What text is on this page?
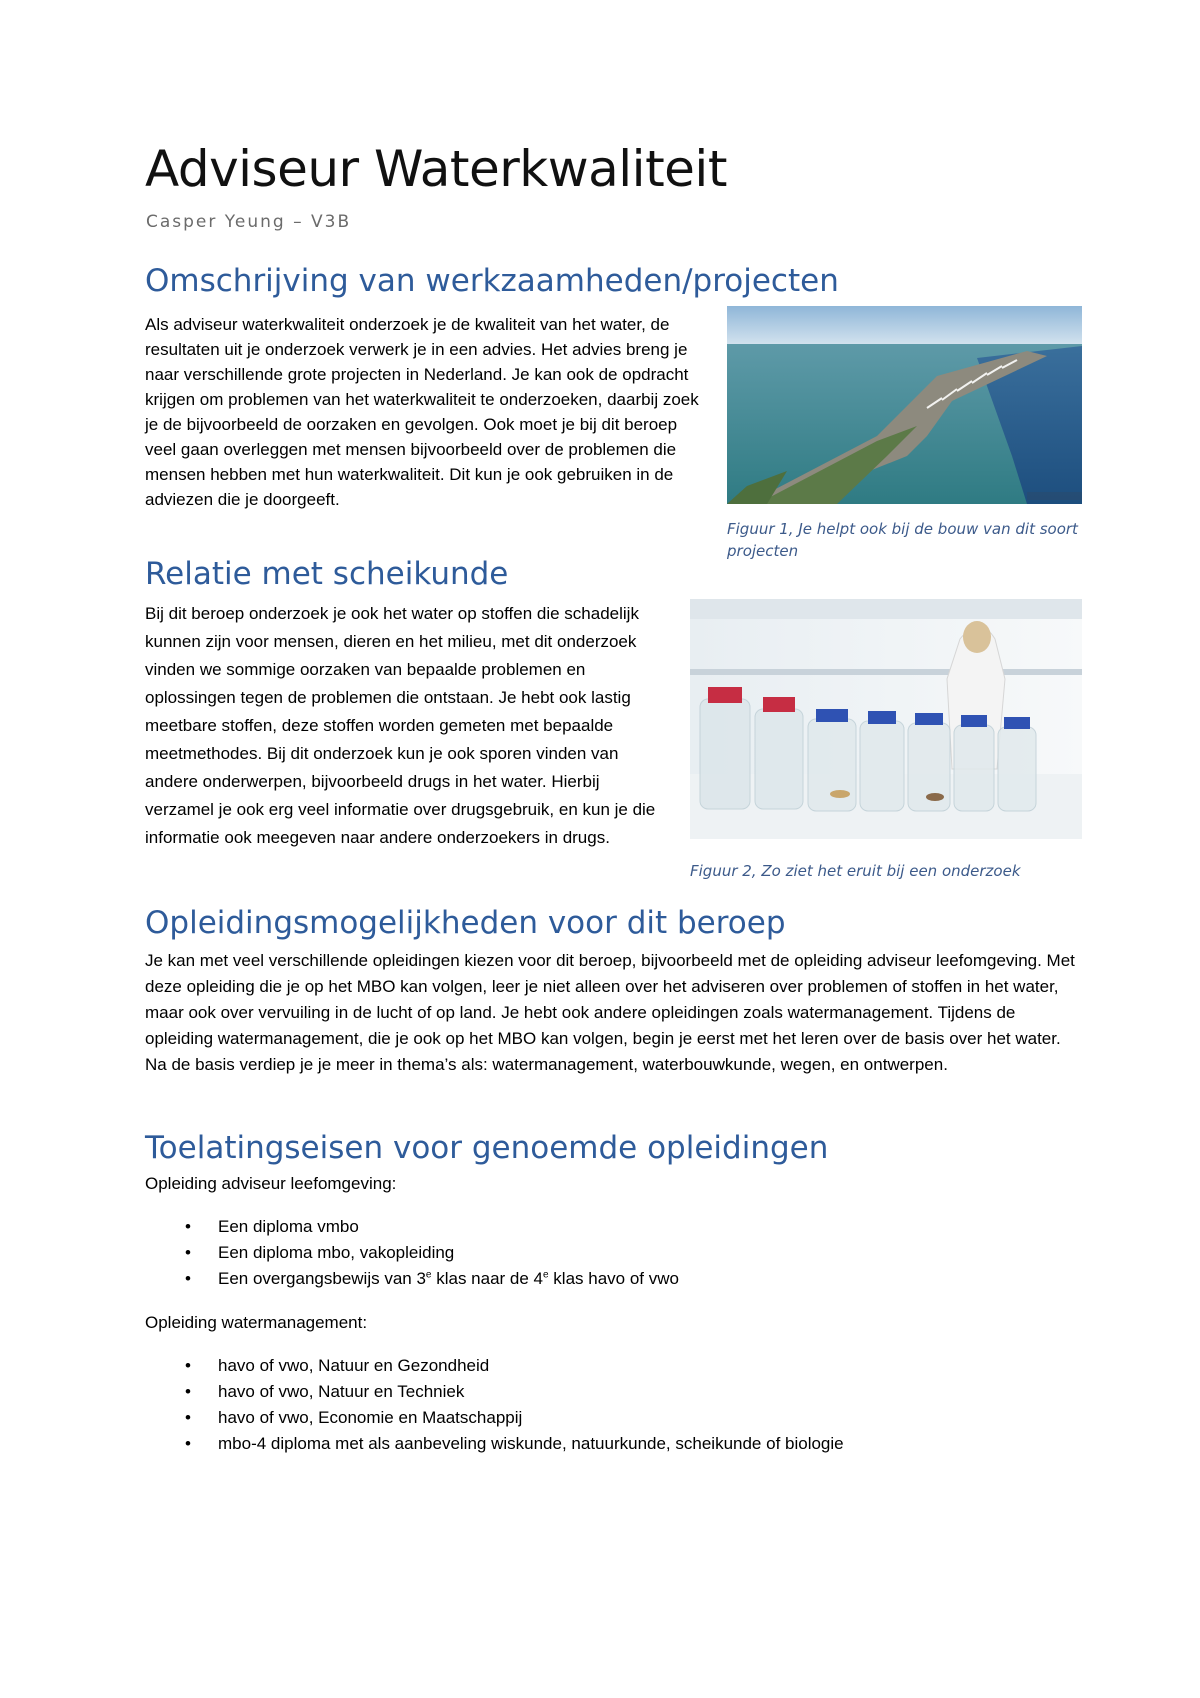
Adviseur Waterkwaliteit

Casper Yeung – V3B

Omschrijving van werkzaamheden/projecten

Als adviseur waterkwaliteit onderzoek je de kwaliteit van het water, de resultaten uit je onderzoek verwerk je in een advies. Het advies breng je naar verschillende grote projecten in Nederland. Je kan ook de opdracht krijgen om problemen van het waterkwaliteit te onderzoeken, daarbij zoek je de bijvoorbeeld de oorzaken en gevolgen. Ook moet je bij dit beroep veel gaan overleggen met mensen bijvoorbeeld over de problemen die mensen hebben met hun waterkwaliteit. Dit kun je ook gebruiken in de adviezen die je doorgeeft.

Figuur 1, Je helpt ook bij de bouw van dit soort projecten

Relatie met scheikunde

Bij dit beroep onderzoek je ook het water op stoffen die schadelijk kunnen zijn voor mensen, dieren en het milieu, met dit onderzoek vinden we sommige oorzaken van bepaalde problemen en oplossingen tegen de problemen die ontstaan. Je hebt ook lastig meetbare stoffen, deze stoffen worden gemeten met bepaalde meetmethodes. Bij dit onderzoek kun je ook sporen vinden van andere onderwerpen, bijvoorbeeld drugs in het water. Hierbij verzamel je ook erg veel informatie over drugsgebruik, en kun je die informatie ook meegeven naar andere onderzoekers in drugs.

Figuur 2, Zo ziet het eruit bij een onderzoek

Opleidingsmogelijkheden voor dit beroep

Je kan met veel verschillende opleidingen kiezen voor dit beroep, bijvoorbeeld met de opleiding adviseur leefomgeving. Met deze opleiding die je op het MBO kan volgen, leer je niet alleen over het adviseren over problemen of stoffen in het water, maar ook over vervuiling in de lucht of op land. Je hebt ook andere opleidingen zoals watermanagement. Tijdens de opleiding watermanagement, die je ook op het MBO kan volgen, begin je eerst met het leren over de basis over het water. Na de basis verdiep je je meer in thema’s als: watermanagement, waterbouwkunde, wegen, en ontwerpen.

Toelatingseisen voor genoemde opleidingen

Opleiding adviseur leefomgeving:

• Een diploma vmbo
• Een diploma mbo, vakopleiding
• Een overgangsbewijs van 3e klas naar de 4e klas havo of vwo

Opleiding watermanagement:

• havo of vwo, Natuur en Gezondheid
• havo of vwo, Natuur en Techniek
• havo of vwo, Economie en Maatschappij
• mbo-4 diploma met als aanbeveling wiskunde, natuurkunde, scheikunde of biologie
